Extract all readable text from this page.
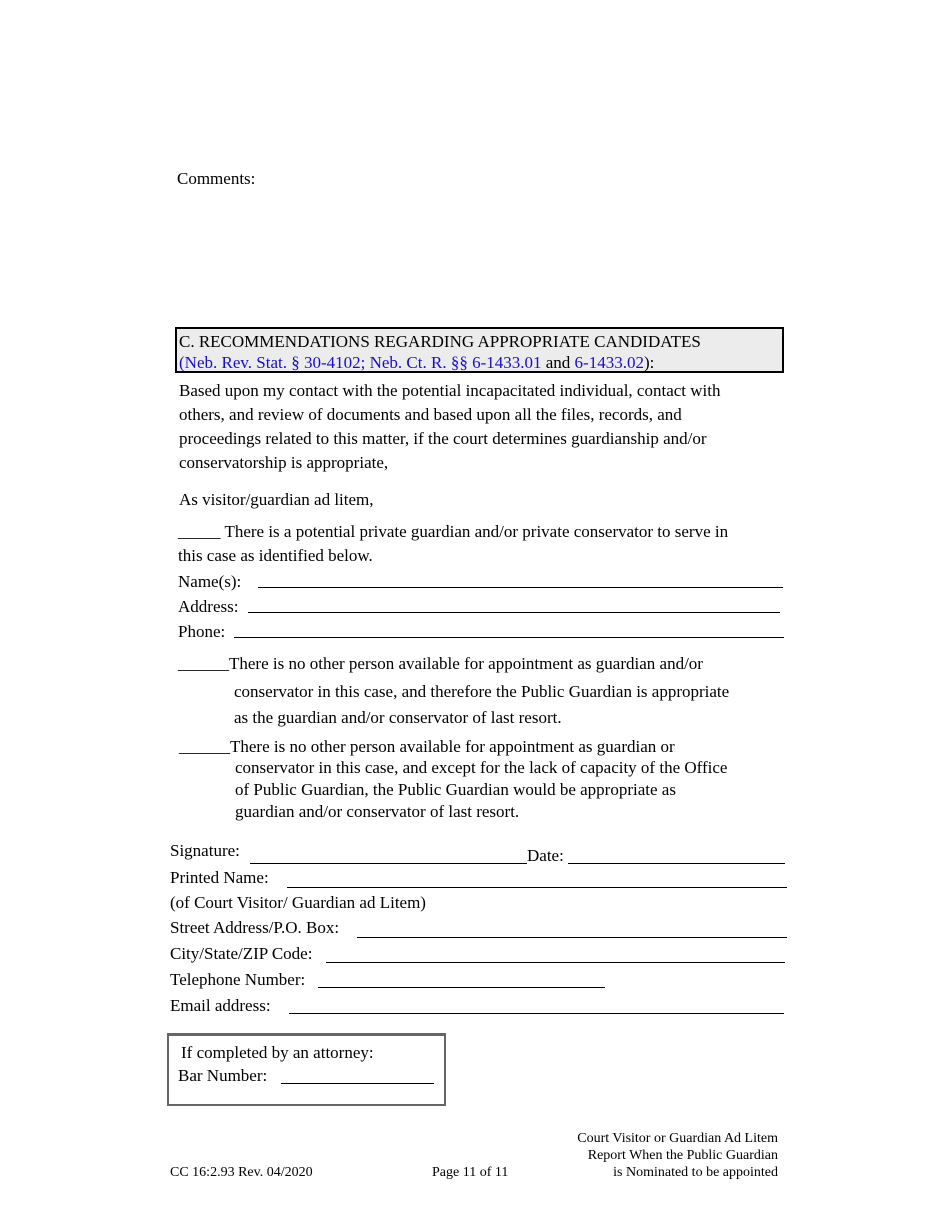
Comments:
C. RECOMMENDATIONS REGARDING APPROPRIATE CANDIDATES
(Neb. Rev. Stat. § 30-4102; Neb. Ct. R. §§ 6-1433.01 and 6-1433.02):
Based upon my contact with the potential incapacitated individual, contact with
others, and review of documents and based upon all the files, records, and
proceedings related to this matter, if the court determines guardianship and/or
conservatorship is appropriate,
As visitor/guardian ad litem,
_____ There is a potential private guardian and/or private conservator to serve in
this case as identified below.
Name(s):
Address:
Phone:
______There is no other person available for appointment as guardian and/or
conservator in this case, and therefore the Public Guardian is appropriate
as the guardian and/or conservator of last resort.
______There is no other person available for appointment as guardian or
conservator in this case, and except for the lack of capacity of the Office
of Public Guardian, the Public Guardian would be appropriate as
guardian and/or conservator of last resort.
Signature:	Date:
Printed Name:
(of Court Visitor/ Guardian ad Litem)
Street Address/P.O. Box:
City/State/ZIP Code:
Telephone Number:
Email address:
If completed by an attorney:
Bar Number:
Court Visitor or Guardian Ad Litem
Report When the Public Guardian
is Nominated to be appointed
CC 16:2.93 Rev. 04/2020	Page 11 of 11
